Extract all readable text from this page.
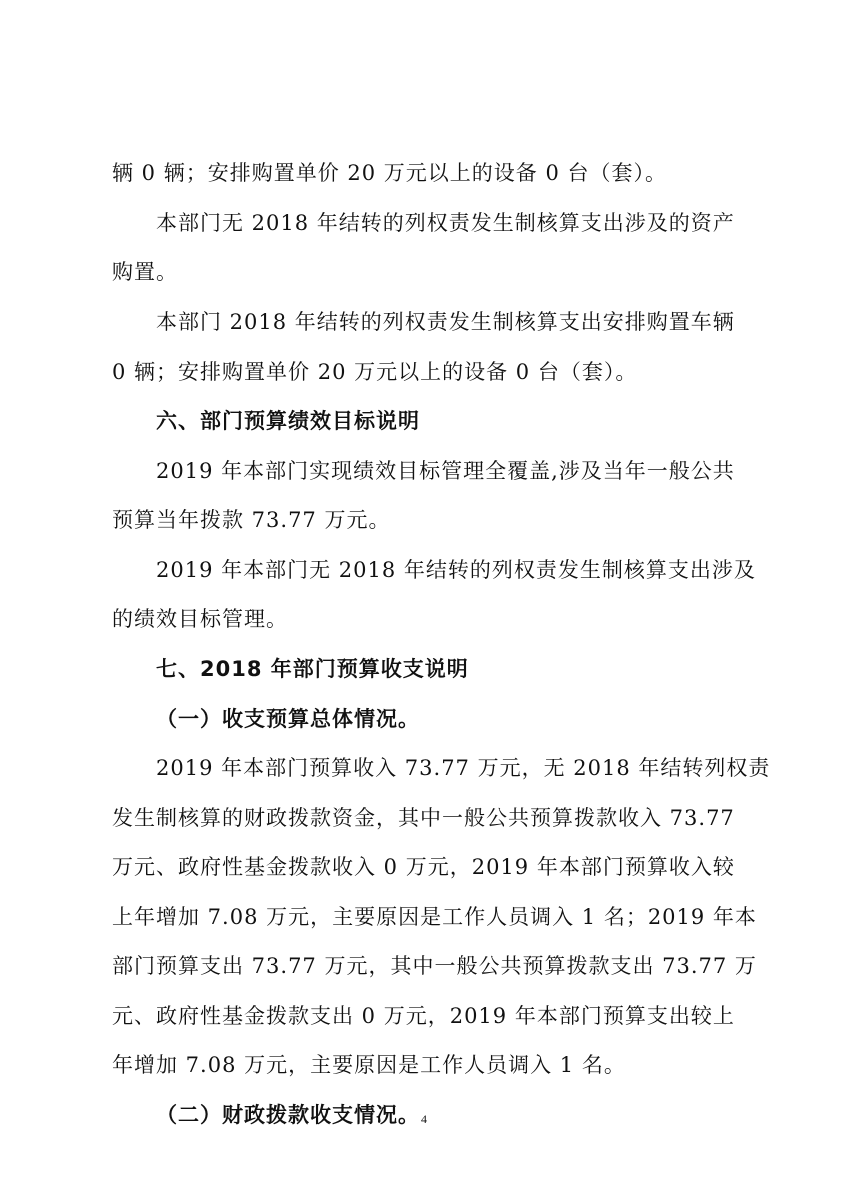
辆 0 辆；安排购置单价 20 万元以上的设备 0 台（套）。
本部门无 2018 年结转的列权责发生制核算支出涉及的资产
购置。
本部门 2018 年结转的列权责发生制核算支出安排购置车辆
0 辆；安排购置单价 20 万元以上的设备 0 台（套）。
六、部门预算绩效目标说明
2019 年本部门实现绩效目标管理全覆盖,涉及当年一般公共
预算当年拨款 73.77 万元。
2019 年本部门无 2018 年结转的列权责发生制核算支出涉及
的绩效目标管理。
七、2018 年部门预算收支说明
（一）收支预算总体情况。
2019 年本部门预算收入 73.77 万元，无 2018 年结转列权责
发生制核算的财政拨款资金，其中一般公共预算拨款收入 73.77
万元、政府性基金拨款收入 0 万元，2019 年本部门预算收入较
上年增加 7.08 万元，主要原因是工作人员调入 1 名；2019 年本
部门预算支出 73.77 万元，其中一般公共预算拨款支出 73.77 万
元、政府性基金拨款支出 0 万元，2019 年本部门预算支出较上
年增加 7.08 万元，主要原因是工作人员调入 1 名。
（二）财政拨款收支情况。 4
